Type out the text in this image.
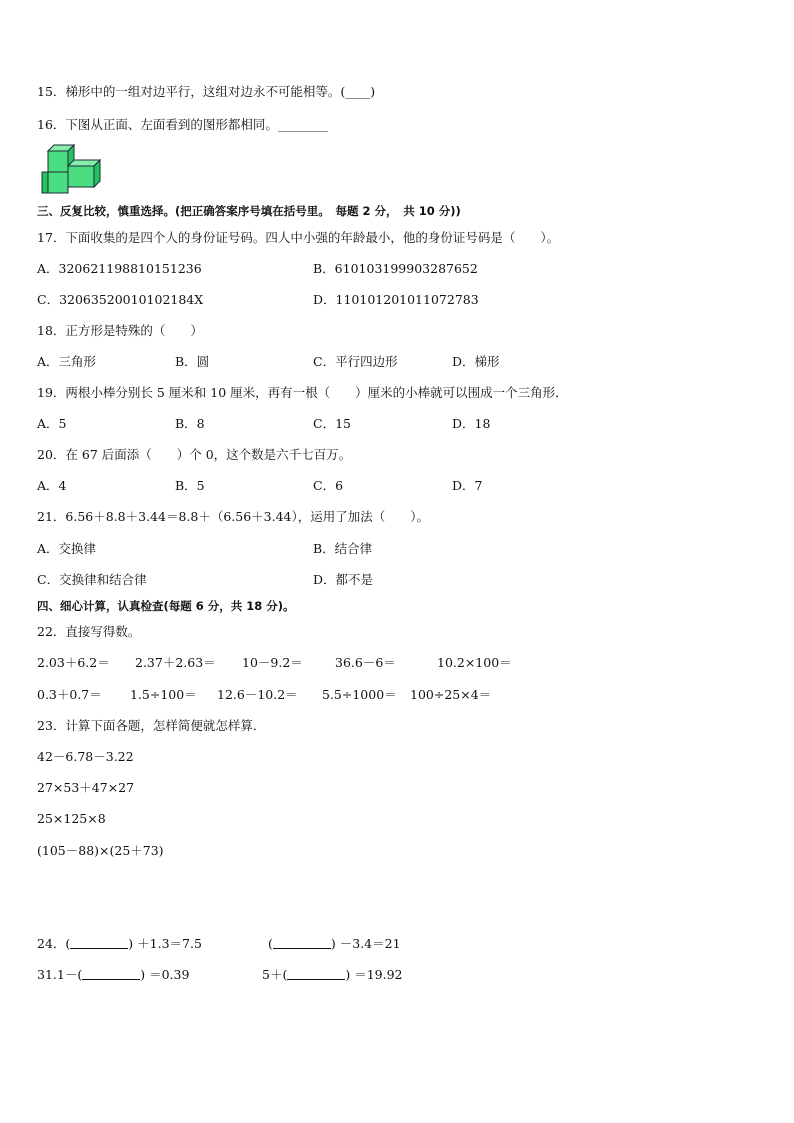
15．梯形中的一组对边平行，这组对边永不可能相等。(____)
16．下图从正面、左面看到的图形都相同。________
三、反复比较，慎重选择。(把正确答案序号填在括号里。　每题 2 分，　共 10 分))
17．下面收集的是四个人的身份证号码。四人中小强的年龄最小，他的身份证号码是（　　）。
A．320621198810151236	B．610103199903287652
C．32063520010102184X	D．110101201011072783
18．正方形是特殊的（　　）
A．三角形	B．圆	C．平行四边形	D．梯形
19．两根小棒分别长 5 厘米和 10 厘米，再有一根（　　）厘米的小棒就可以围成一个三角形．
A．5	B．8	C．15	D．18
20．在 67 后面添（　　）个 0，这个数是六千七百万。
A．4	B．5	C．6	D．7
21．6.56＋8.8＋3.44＝8.8＋（6.56＋3.44），运用了加法（　　）。
A．交换律	B．结合律
C．交换律和结合律	D．都不是
四、细心计算，认真检查(每题 6 分，共 18 分)。
22．直接写得数。
2.03＋6.2＝ 2.37＋2.63＝ 10－9.2＝	36.6－6＝	10.2×100＝
0.3＋0.7＝ 1.5÷100＝ 12.6－10.2＝ 5.5÷1000＝ 100÷25×4＝
23．计算下面各题，怎样简便就怎样算．
42－6.78－3.22
27×53＋47×27
25×125×8
(105－88)×(25＋73)
24．(	) ＋1.3＝7.5	(	) －3.4＝21
31.1－(	) ＝0.39	5＋(	) ＝19.92
